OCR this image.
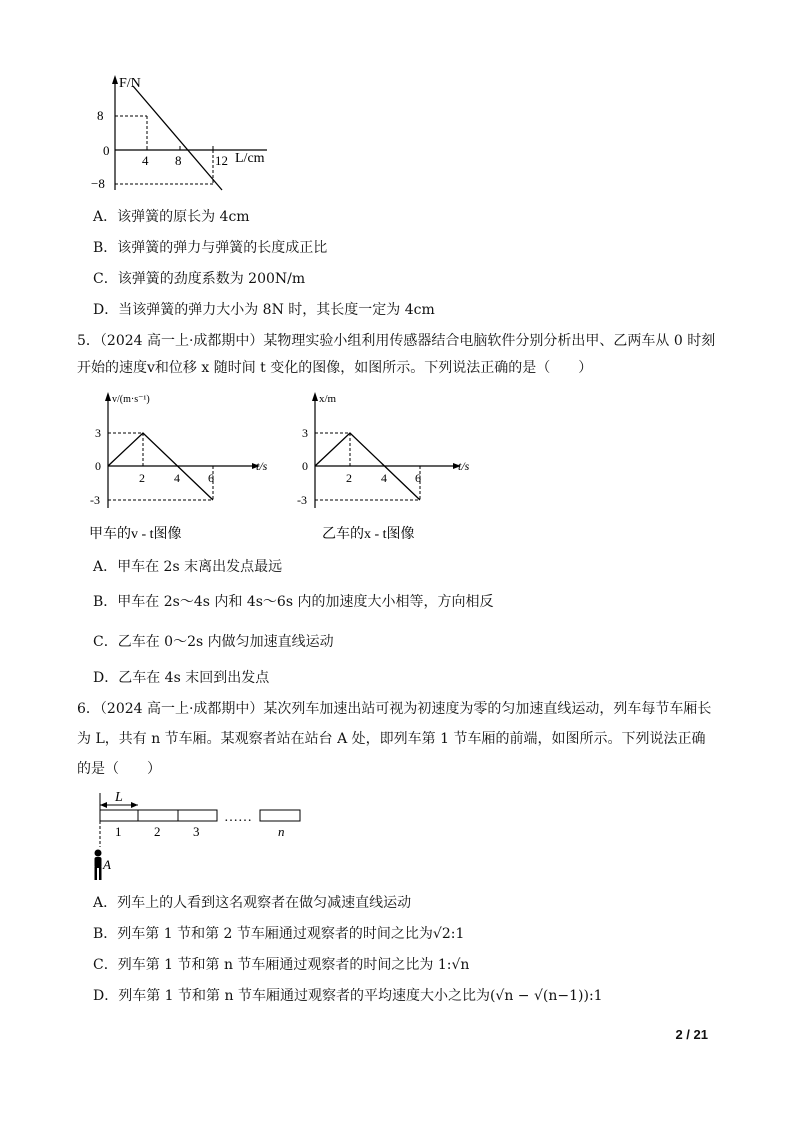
F/N
8
0
−8
4 8	12 L/cm
A．该弹簧的原长为 4cm
B．该弹簧的弹力与弹簧的长度成正比
C．该弹簧的劲度系数为 200N/m
D．当该弹簧的弹力大小为 8N 时，其长度一定为 4cm
5．（2024 高一上·成都期中）某物理实验小组利用传感器结合电脑软件分别分析出甲、乙两车从 0 时刻
开始的速度v和位移 x 随时间 t 变化的图像，如图所示。下列说法正确的是（　　）
v/(m·s⁻¹)
3
0
-3
2 4 6
t/s
甲车的v - t图像
x/m
3
0
-3
2 4 6
t/s
乙车的x - t图像
A．甲车在 2s 末离出发点最远
B．甲车在 2s～4s 内和 4s～6s 内的加速度大小相等，方向相反
C．乙车在 0～2s 内做匀加速直线运动
D．乙车在 4s 末回到出发点
6．（2024 高一上·成都期中）某次列车加速出站可视为初速度为零的匀加速直线运动，列车每节车厢长
为 L，共有 n 节车厢。某观察者站在站台 A 处，即列车第 1 节车厢的前端，如图所示。下列说法正确
的是（　　）
L
……
1	2	3	n
A
A．列车上的人看到这名观察者在做匀减速直线运动
B．列车第 1 节和第 2 节车厢通过观察者的时间之比为√2:1
C．列车第 1 节和第 n 节车厢通过观察者的时间之比为 1:√n
D．列车第 1 节和第 n 节车厢通过观察者的平均速度大小之比为(√n − √(n−1)):1
2 / 21
